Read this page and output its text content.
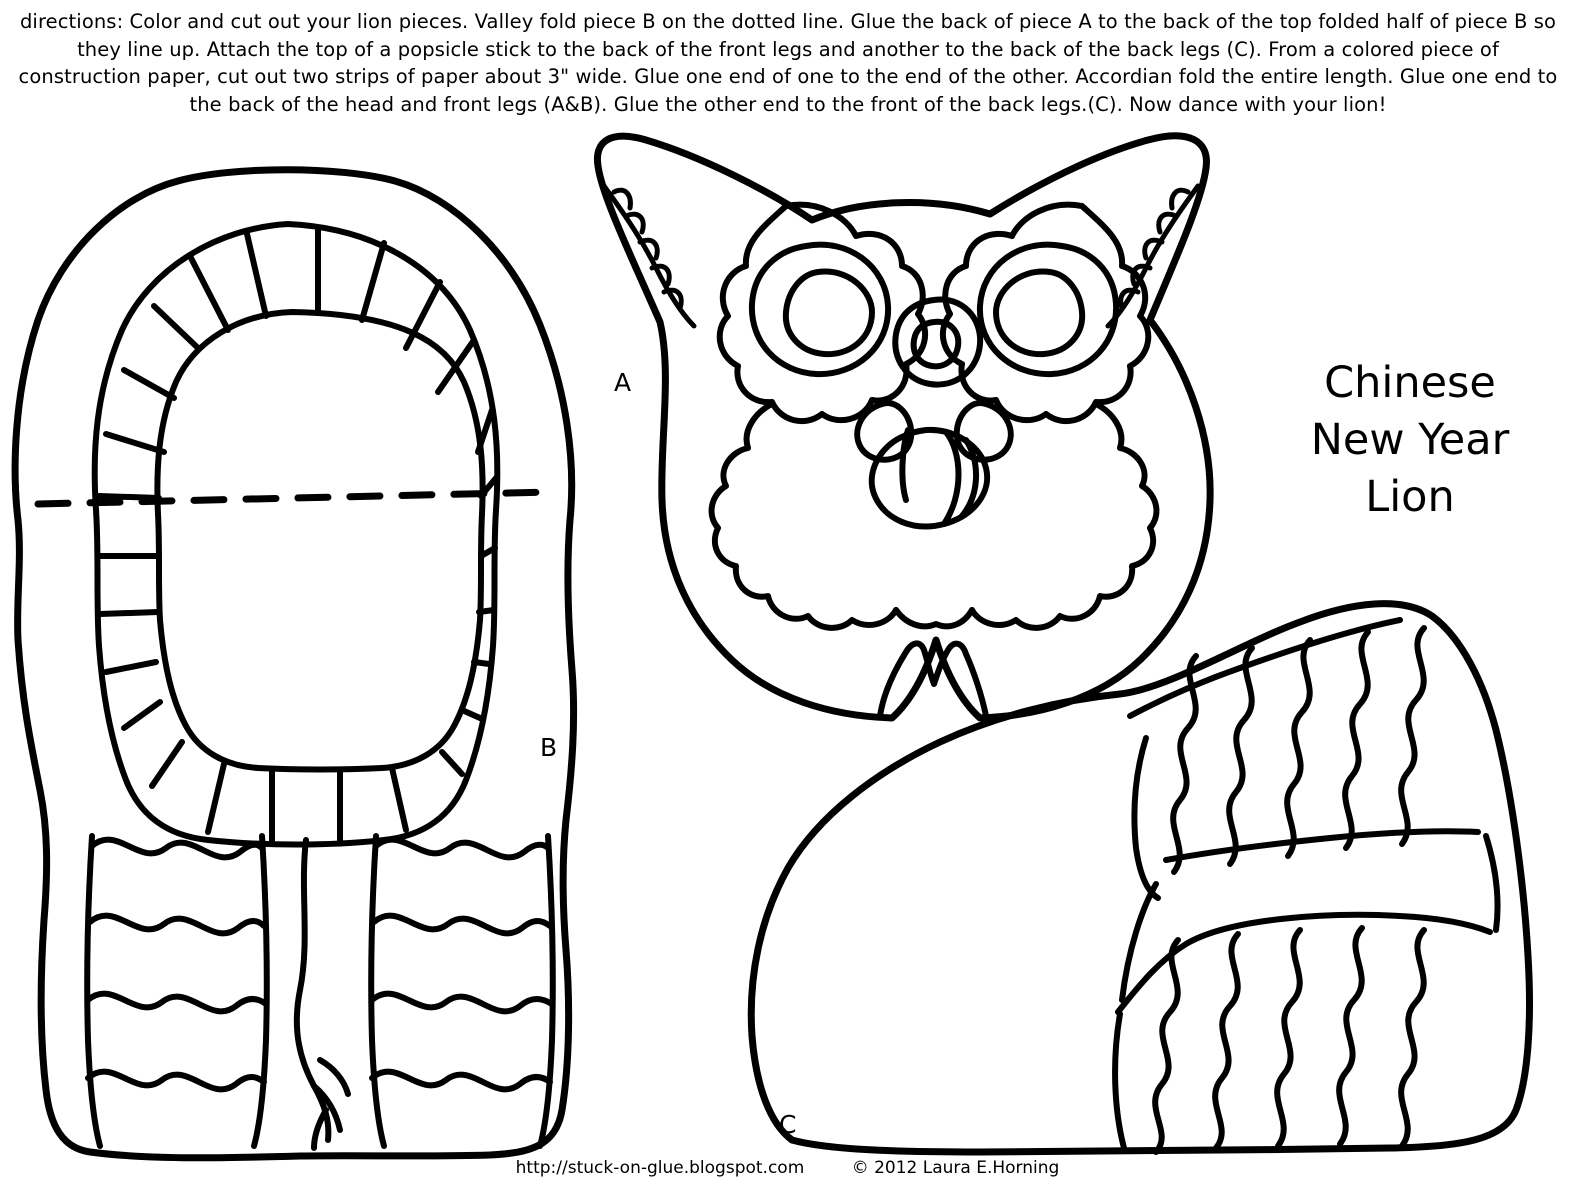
directions: Color and cut out your lion pieces. Valley fold piece B on the dotted line. Glue the back of piece A to the back of the top folded half of piece B so they line up. Attach the top of a popsicle stick to the back of the front legs and another to the back of the back legs (C). From a colored piece of construction paper, cut out two strips of paper about 3" wide. Glue one end of one to the end of the other. Accordian fold the entire length. Glue one end to the back of the head and front legs (A&B). Glue the other end to the front of the back legs.(C). Now dance with your lion!
A
B
C
Chinese
New Year
Lion
http://stuck-on-glue.blogspot.com	© 2012 Laura E.Horning
